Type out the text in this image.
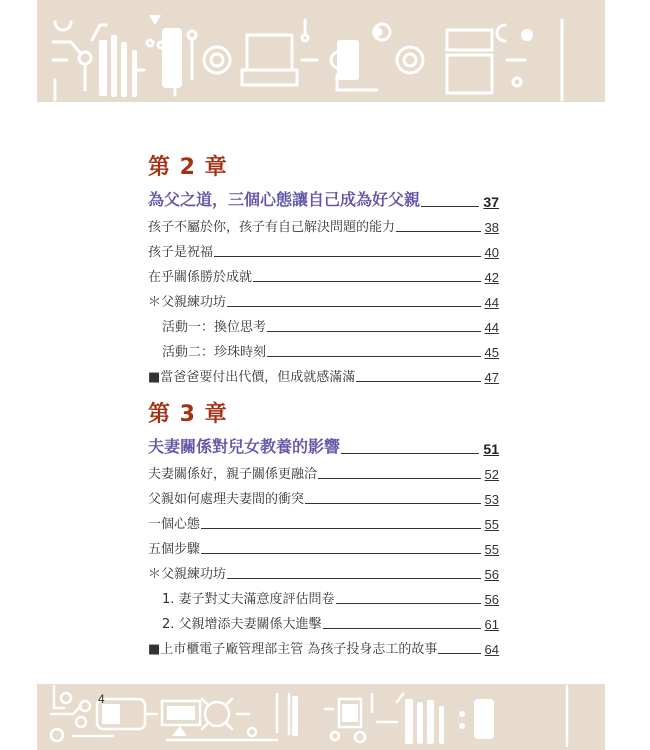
第 2 章
為父之道，三個心態讓自己成為好父親	37
孩子不屬於你，孩子有自己解決問題的能力	38
孩子是祝福	40
在乎關係勝於成就	42
＊父親練功坊	44
活動一：換位思考	44
活動二：珍珠時刻	45
■當爸爸要付出代價，但成就感滿滿	47
第 3 章
夫妻關係對兒女教養的影響	51
夫妻關係好，親子關係更融洽	52
父親如何處理夫妻間的衝突	53
一個心態	55
五個步驟	55
＊父親練功坊	56
1. 妻子對丈夫滿意度評估問卷	56
2. 父親增添夫妻關係大進擊	61
■上市櫃電子廠管理部主管 為孩子投身志工的故事	64
4
